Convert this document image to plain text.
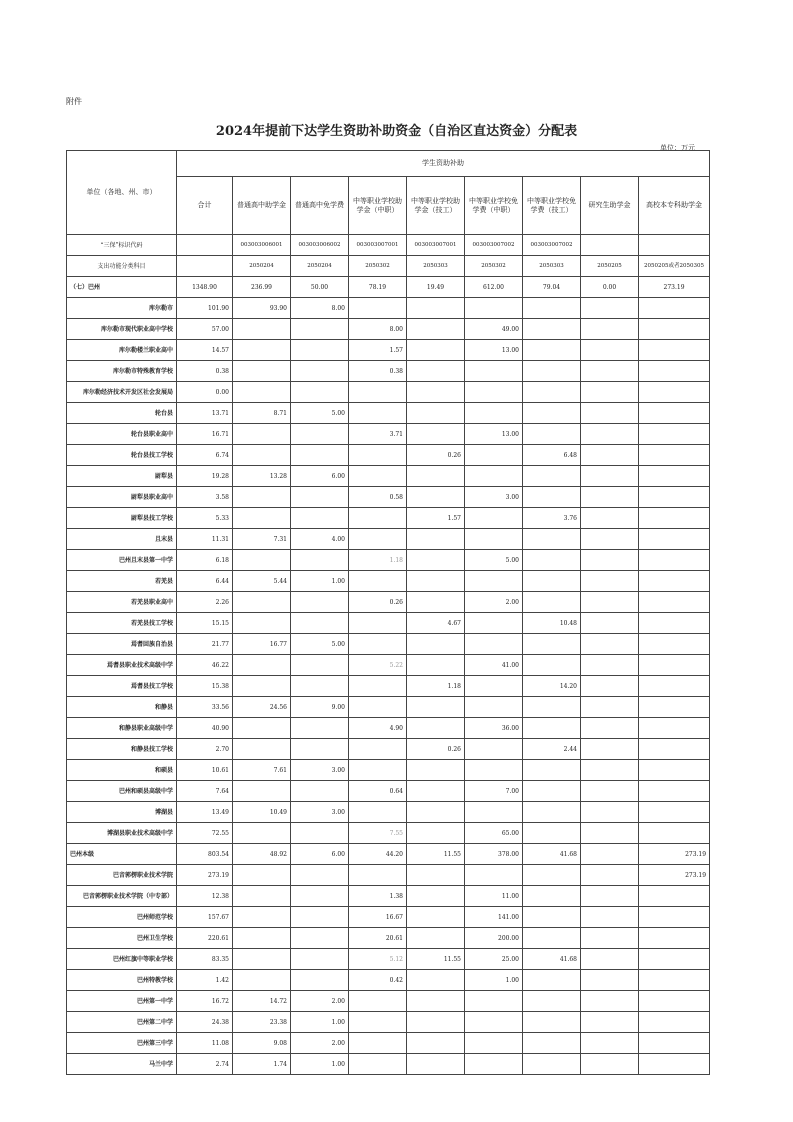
附件
2024年提前下达学生资助补助资金（自治区直达资金）分配表
单位：万元
单位（各地、州、市）	学生资助补助								
	合计	普通高中助学金	普通高中免学费	中等职业学校助学金（中职）	中等职业学校助学金（技工）	中等职业学校免学费（中职）	中等职业学校免学费（技工）	研究生助学金	高校本专科助学金
“三保”标识代码		003003006001	003003006002	003003007001	003003007001	003003007002	003003007002		
支出功能分类科目		2050204	2050204	2050302	2050303	2050302	2050303	2050205	2050205或者2050305
（七）巴州	1348.90	236.99	50.00	78.19	19.49	612.00	79.04	0.00	273.19
库尔勒市	101.90	93.90	8.00						
库尔勒市现代职业高中学校	57.00			8.00		49.00			
库尔勒楼兰职业高中	14.57			1.57		13.00			
库尔勒市特殊教育学校	0.38			0.38					
库尔勒经济技术开发区社会发展局	0.00								
轮台县	13.71	8.71	5.00						
轮台县职业高中	16.71			3.71		13.00			
轮台县技工学校	6.74				0.26		6.48		
尉犁县	19.28	13.28	6.00						
尉犁县职业高中	3.58			0.58		3.00			
尉犁县技工学校	5.33				1.57		3.76		
且末县	11.31	7.31	4.00						
巴州且末县第一中学	6.18			1.18		5.00			
若羌县	6.44	5.44	1.00						
若羌县职业高中	2.26			0.26		2.00			
若羌县技工学校	15.15				4.67		10.48		
焉耆回族自治县	21.77	16.77	5.00						
焉耆县职业技术高级中学	46.22			5.22		41.00			
焉耆县技工学校	15.38				1.18		14.20		
和静县	33.56	24.56	9.00						
和静县职业高级中学	40.90			4.90		36.00			
和静县技工学校	2.70				0.26		2.44		
和硕县	10.61	7.61	3.00						
巴州和硕县高级中学	7.64			0.64		7.00			
博湖县	13.49	10.49	3.00						
博湖县职业技术高级中学	72.55			7.55		65.00			
巴州本级	803.54	48.92	6.00	44.20	11.55	378.00	41.68		273.19
巴音郭楞职业技术学院	273.19								273.19
巴音郭楞职业技术学院（中专部）	12.38			1.38		11.00			
巴州师范学校	157.67			16.67		141.00			
巴州卫生学校	220.61			20.61		200.00			
巴州红旗中等职业学校	83.35			5.12	11.55	25.00	41.68		
巴州特教学校	1.42			0.42		1.00			
巴州第一中学	16.72	14.72	2.00						
巴州第二中学	24.38	23.38	1.00						
巴州第三中学	11.08	9.08	2.00						
马兰中学	2.74	1.74	1.00						
